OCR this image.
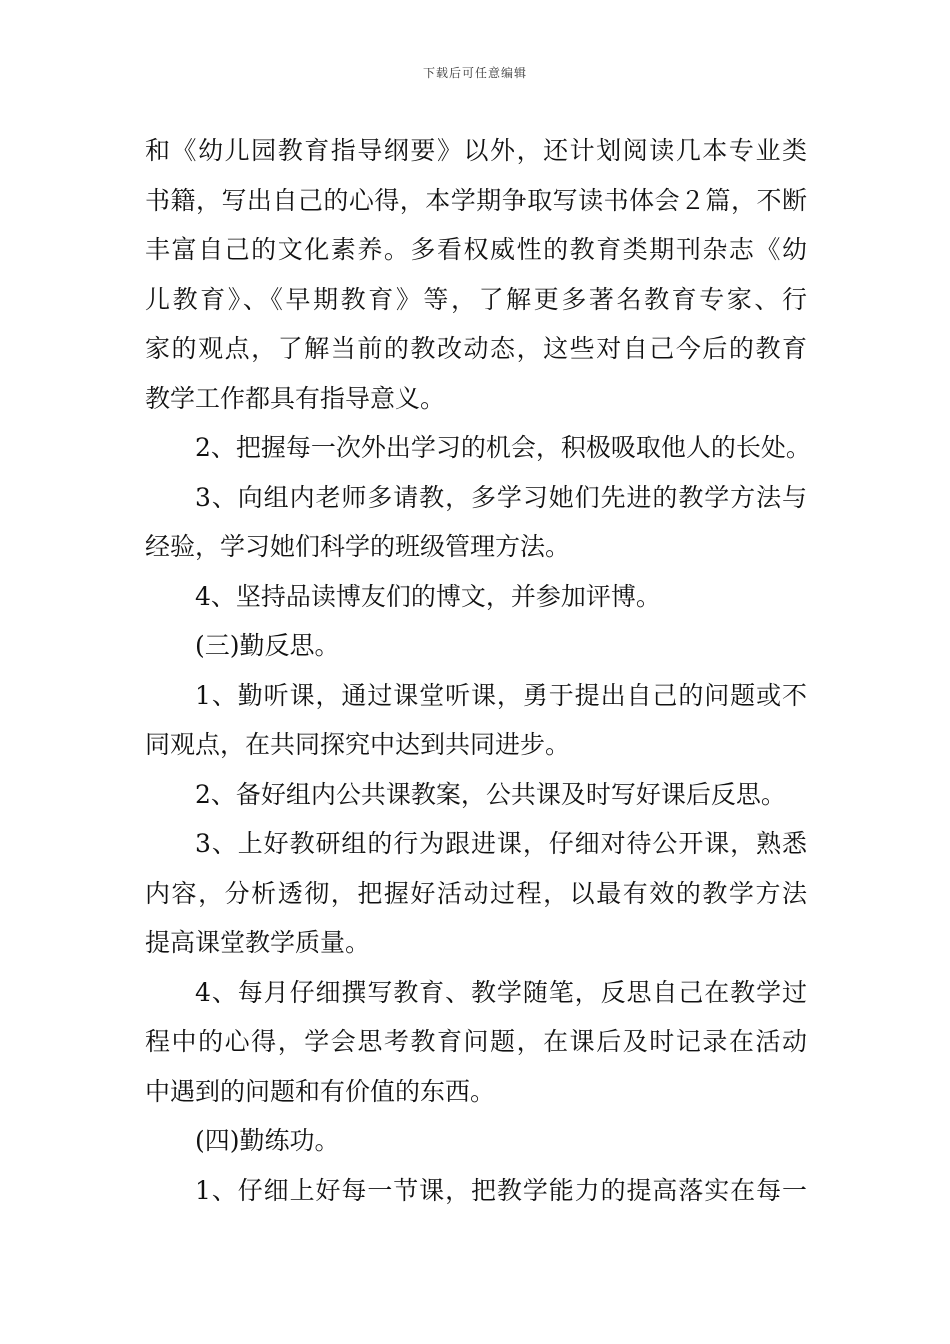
下载后可任意编辑
和《幼儿园教育指导纲要》以外，还计划阅读几本专业类
书籍，写出自己的心得，本学期争取写读书体会２篇，不断
丰富自己的文化素养。多看权威性的教育类期刊杂志《幼
儿教育》、《早期教育》等，了解更多著名教育专家、行
家的观点，了解当前的教改动态，这些对自己今后的教育
教学工作都具有指导意义。
2、把握每一次外出学习的机会，积极吸取他人的长处。
3、向组内老师多请教，多学习她们先进的教学方法与
经验，学习她们科学的班级管理方法。
4、坚持品读博友们的博文，并参加评博。
(三)勤反思。
1、勤听课，通过课堂听课，勇于提出自己的问题或不
同观点，在共同探究中达到共同进步。
2、备好组内公共课教案，公共课及时写好课后反思。
3、上好教研组的行为跟进课，仔细对待公开课，熟悉
内容，分析透彻，把握好活动过程，以最有效的教学方法
提高课堂教学质量。
4、每月仔细撰写教育、教学随笔，反思自己在教学过
程中的心得，学会思考教育问题，在课后及时记录在活动
中遇到的问题和有价值的东西。
(四)勤练功。
1、仔细上好每一节课，把教学能力的提高落实在每一
